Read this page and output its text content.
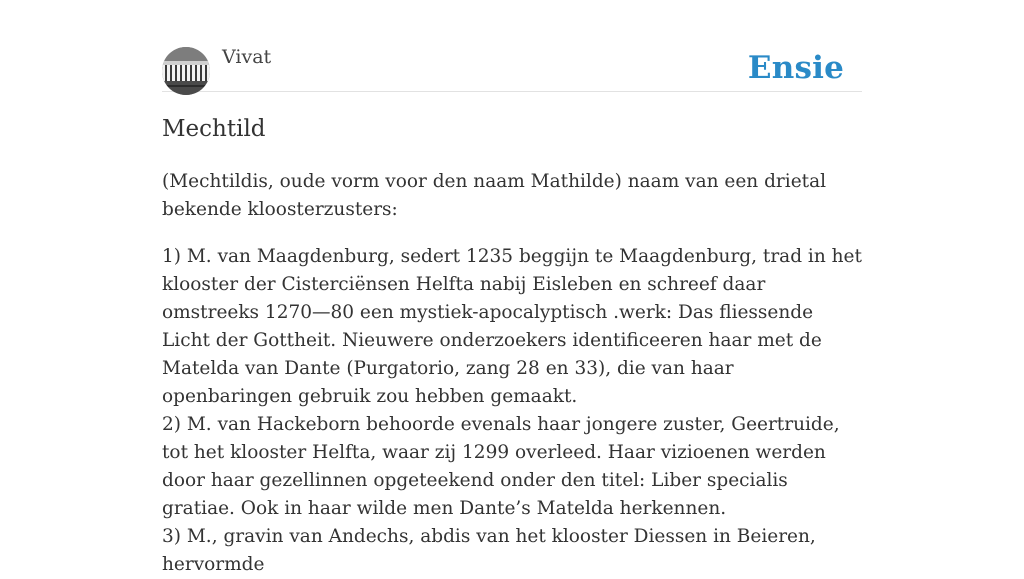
Vivat	Ensie
Mechtild

(Mechtildis, oude vorm voor den naam Mathilde) naam van een drietal bekende kloosterzusters:

1) M. van Maagdenburg, sedert 1235 beggijn te Maagdenburg, trad in het klooster der Cisterciënsen Helfta nabij Eisleben en schreef daar omstreeks 1270—80 een mystiek-apocalyptisch .werk: Das fliessende Licht der Gottheit. Nieuwere onderzoekers identificeeren haar met de Matelda van Dante (Purgatorio, zang 28 en 33), die van haar openbaringen gebruik zou hebben gemaakt.

2) M. van Hackeborn behoorde evenals haar jongere zuster, Geertruide, tot het klooster Helfta, waar zij 1299 overleed. Haar vizioenen werden door haar gezellinnen opgeteekend onder den titel: Liber specialis gratiae. Ook in haar wilde men Dante’s Matelda herkennen.

3) M., gravin van Andechs, abdis van het klooster Diessen in Beieren, hervormde
